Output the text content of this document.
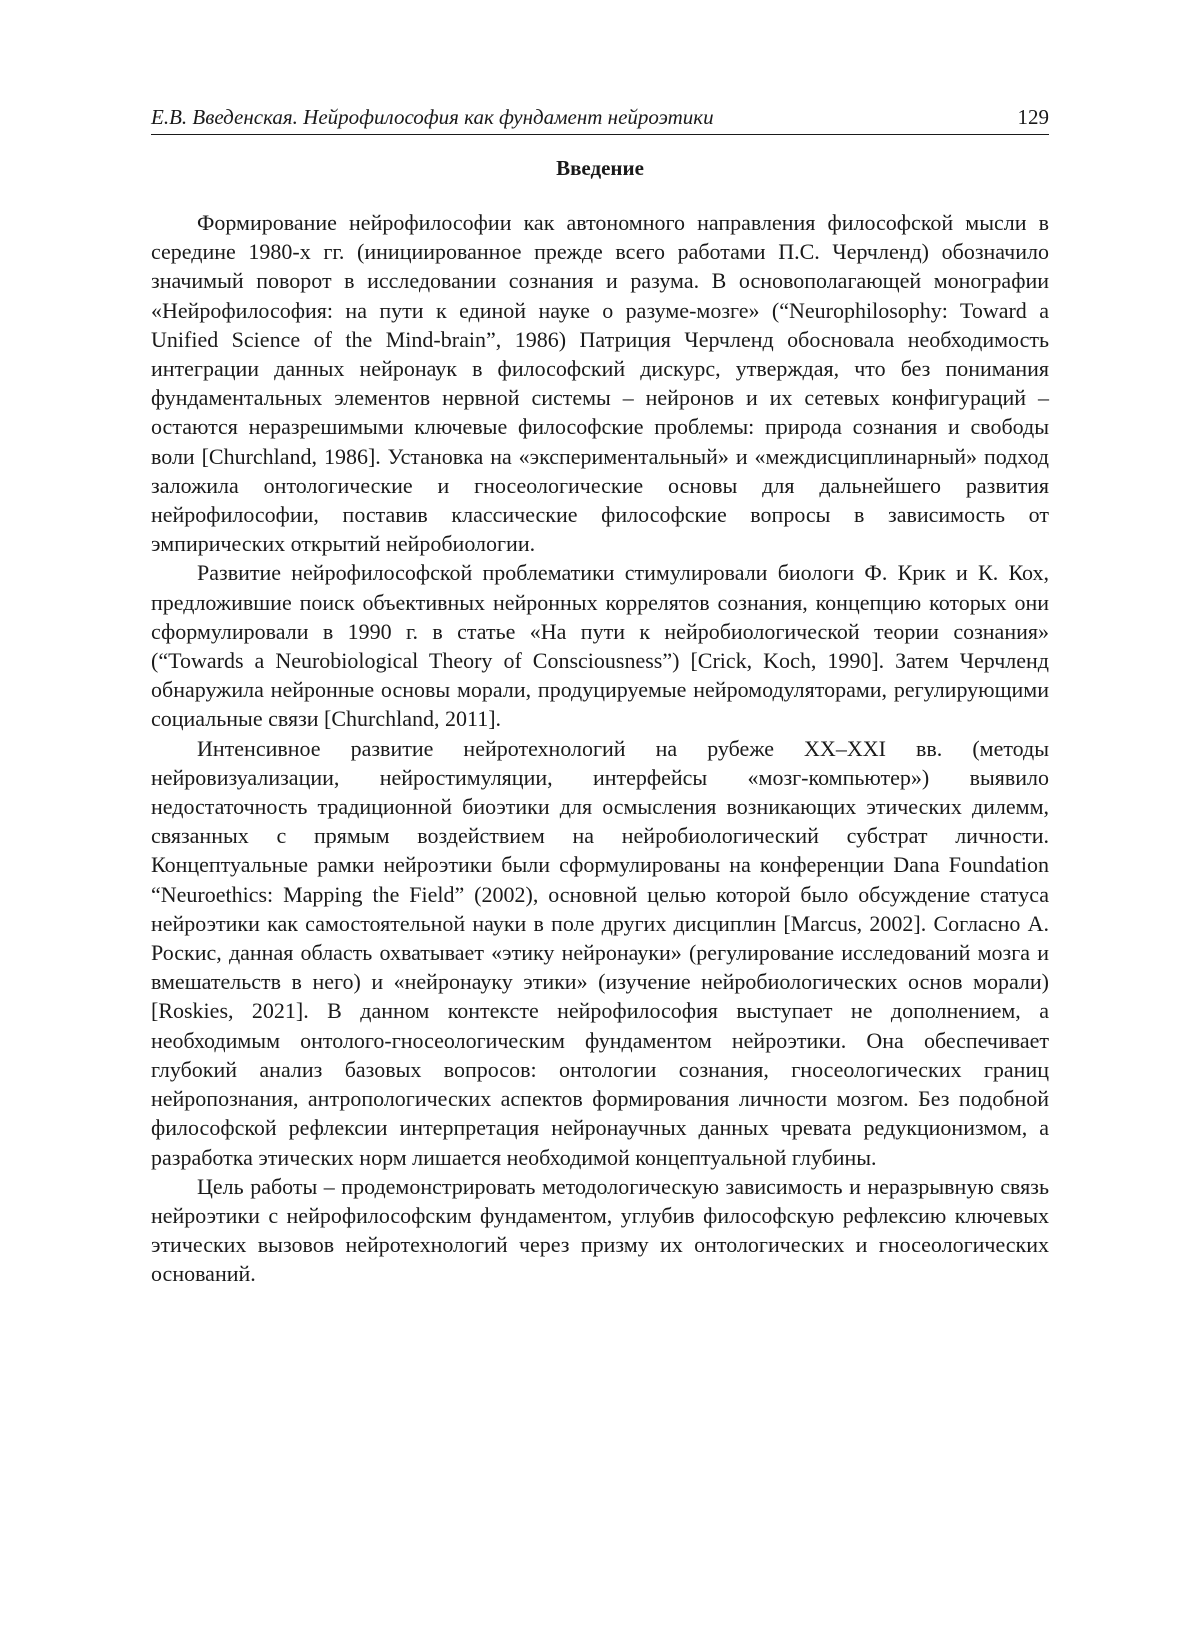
Е.В. Введенская. Нейрофилософия как фундамент нейроэтики	129
Введение

Формирование нейрофилософии как автономного направления философской мысли в середине 1980-х гг. (инициированное прежде всего работами П.С. Черчленд) обозначило значимый поворот в исследовании сознания и разума. В основополагающей монографии «Нейрофилософия: на пути к единой науке о разуме-мозге» (“Neurophilosophy: Toward a Unified Science of the Mind-brain”, 1986) Патриция Черчленд обосновала необходимость интеграции данных нейронаук в философский дискурс, утверждая, что без понимания фундаментальных элементов нервной системы – нейронов и их сетевых конфигураций – остаются неразрешимыми ключевые философские проблемы: природа сознания и свободы воли [Churchland, 1986]. Установка на «экспериментальный» и «междисциплинарный» подход заложила онтологические и гносеологические основы для дальнейшего развития нейрофилософии, поставив классические философские вопросы в зависимость от эмпирических открытий нейробиологии.

Развитие нейрофилософской проблематики стимулировали биологи Ф. Крик и К. Кох, предложившие поиск объективных нейронных коррелятов сознания, концепцию которых они сформулировали в 1990 г. в статье «На пути к нейробиологической теории сознания» (“Towards a Neurobiological Theory of Consciousness”) [Crick, Koch, 1990]. Затем Черчленд обнаружила нейронные основы морали, продуцируемые нейромодуляторами, регулирующими социальные связи [Churchland, 2011].

Интенсивное развитие нейротехнологий на рубеже XX–XXI вв. (методы нейровизуализации, нейростимуляции, интерфейсы «мозг-компьютер») выявило недостаточность традиционной биоэтики для осмысления возникающих этических дилемм, связанных с прямым воздействием на нейробиологический субстрат личности. Концептуальные рамки нейроэтики были сформулированы на конференции Dana Foundation “Neuroethics: Mapping the Field” (2002), основной целью которой было обсуждение статуса нейроэтики как самостоятельной науки в поле других дисциплин [Marcus, 2002]. Согласно А. Роскис, данная область охватывает «этику нейронауки» (регулирование исследований мозга и вмешательств в него) и «нейронауку этики» (изучение нейробиологических основ морали) [Roskies, 2021]. В данном контексте нейрофилософия выступает не дополнением, а необходимым онтолого-гносеологическим фундаментом нейроэтики. Она обеспечивает глубокий анализ базовых вопросов: онтологии сознания, гносеологических границ нейропознания, антропологических аспектов формирования личности мозгом. Без подобной философской рефлексии интерпретация нейронаучных данных чревата редукционизмом, а разработка этических норм лишается необходимой концептуальной глубины.

Цель работы – продемонстрировать методологическую зависимость и неразрывную связь нейроэтики с нейрофилософским фундаментом, углубив философскую рефлексию ключевых этических вызовов нейротехнологий через призму их онтологических и гносеологических оснований.
